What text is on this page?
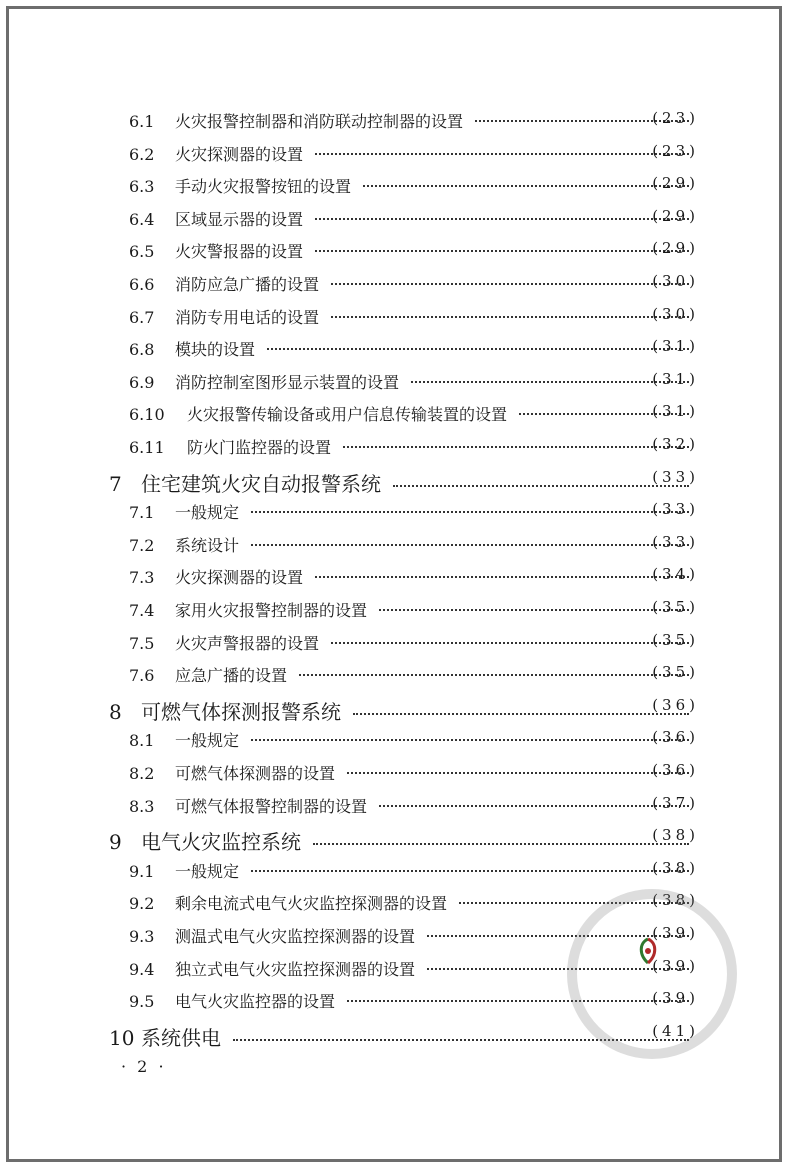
6.1	火灾报警控制器和消防联动控制器的设置	(23)
6.2	火灾探测器的设置	(23)
6.3	手动火灾报警按钮的设置	(29)
6.4	区域显示器的设置	(29)
6.5	火灾警报器的设置	(29)
6.6	消防应急广播的设置	(30)
6.7	消防专用电话的设置	(30)
6.8	模块的设置	(31)
6.9	消防控制室图形显示装置的设置	(31)
6.10	火灾报警传输设备或用户信息传输装置的设置	(31)
6.11	防火门监控器的设置	(32)
7 住宅建筑火灾自动报警系统	(33)
7.1	一般规定	(33)
7.2	系统设计	(33)
7.3	火灾探测器的设置	(34)
7.4	家用火灾报警控制器的设置	(35)
7.5	火灾声警报器的设置	(35)
7.6	应急广播的设置	(35)
8 可燃气体探测报警系统	(36)
8.1	一般规定	(36)
8.2	可燃气体探测器的设置	(36)
8.3	可燃气体报警控制器的设置	(37)
9 电气火灾监控系统	(38)
9.1	一般规定	(38)
9.2	剩余电流式电气火灾监控探测器的设置	(38)
9.3	测温式电气火灾监控探测器的设置	(39)
9.4	独立式电气火灾监控探测器的设置	(39)
9.5	电气火灾监控器的设置	(39)
10 系统供电	(41)
· 2 ·
